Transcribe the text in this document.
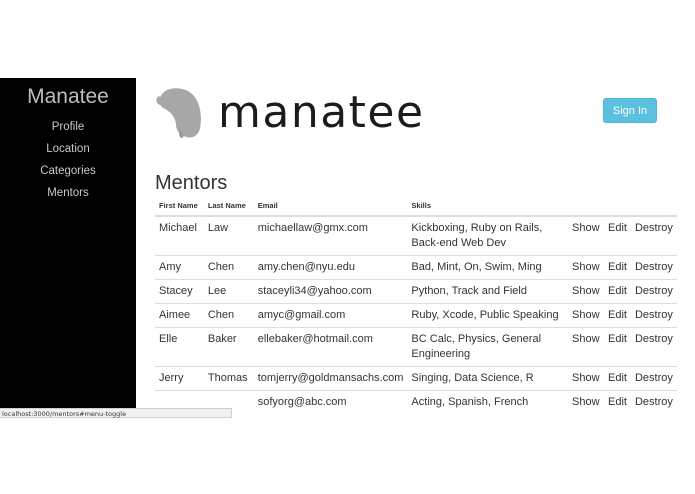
Manatee
Profile
Location
Categories
Mentors
manatee	Sign In
Mentors
First Name	Last Name	Email	Skills			
Michael	Law	michaellaw@gmx.com	Kickboxing, Ruby on Rails, Back-end Web Dev	Show	Edit	Destroy
Amy	Chen	amy.chen@nyu.edu	Bad, Mint, On, Swim, Ming	Show	Edit	Destroy
Stacey	Lee	staceyli34@yahoo.com	Python, Track and Field	Show	Edit	Destroy
Aimee	Chen	amyc@gmail.com	Ruby, Xcode, Public Speaking	Show	Edit	Destroy
Elle	Baker	ellebaker@hotmail.com	BC Calc, Physics, General Engineering	Show	Edit	Destroy
Jerry	Thomas	tomjerry@goldmansachs.com	Singing, Data Science, R	Show	Edit	Destroy
		sofyorg@abc.com	Acting, Spanish, French	Show	Edit	Destroy
localhost:3000/mentors#menu-toggle
